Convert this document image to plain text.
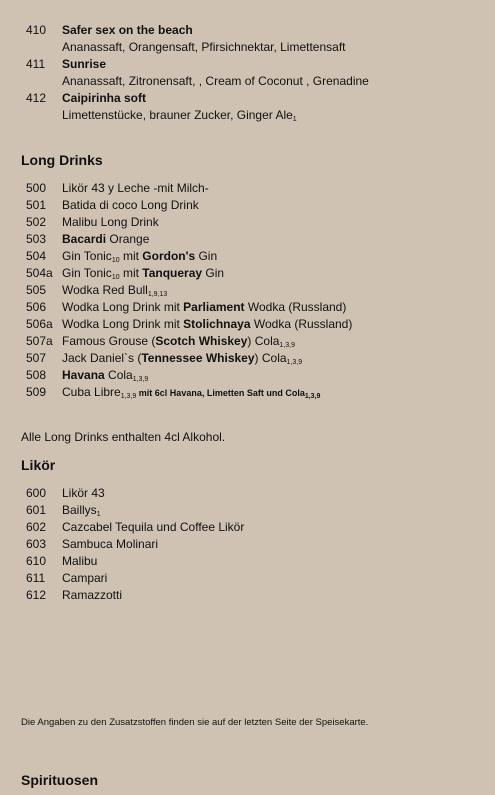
410	Safer sex on the beach
Ananassaft, Orangensaft, Pfirsichnektar, Limettensaft
411	Sunrise
Ananassaft, Zitronensaft, , Cream of Coconut , Grenadine
412	Caipirinha soft
Limettenstücke, brauner Zucker, Ginger Ale$_1$
Long Drinks
500	Likör 43 y Leche -mit Milch-
501	Batida di coco Long Drink
502	Malibu Long Drink
503	Bacardi Orange
504	Gin Tonic$_{10}$ mit Gordon's Gin
504a Gin Tonic$_{10}$ mit Tanqueray Gin
505	Wodka Red Bull$_{1,9,13}$
506	Wodka Long Drink mit Parliament Wodka (Russland)
506a Wodka Long Drink mit Stolichnaya Wodka (Russland)
507a Famous Grouse (Scotch Whiskey) Cola$_{1,3,9}$
507	Jack Daniel`s (Tennessee Whiskey) Cola$_{1,3,9}$
508	Havana Cola$_{1,3,9}$
509	Cuba Libre$_{1,3,9}$ mit 6cl Havana, Limetten Saft und Cola$_{1,3,9}$
Alle Long Drinks enthalten 4cl Alkohol.
Likör
600	Likör 43
601	Baillys$_1$
602	Cazcabel Tequila und Coffee Likör
603	Sambuca Molinari
610	Malibu
611	Campari
612	Ramazzotti
Die Angaben zu den Zusatzstoffen finden sie auf der letzten Seite der Speisekarte.
Spirituosen
